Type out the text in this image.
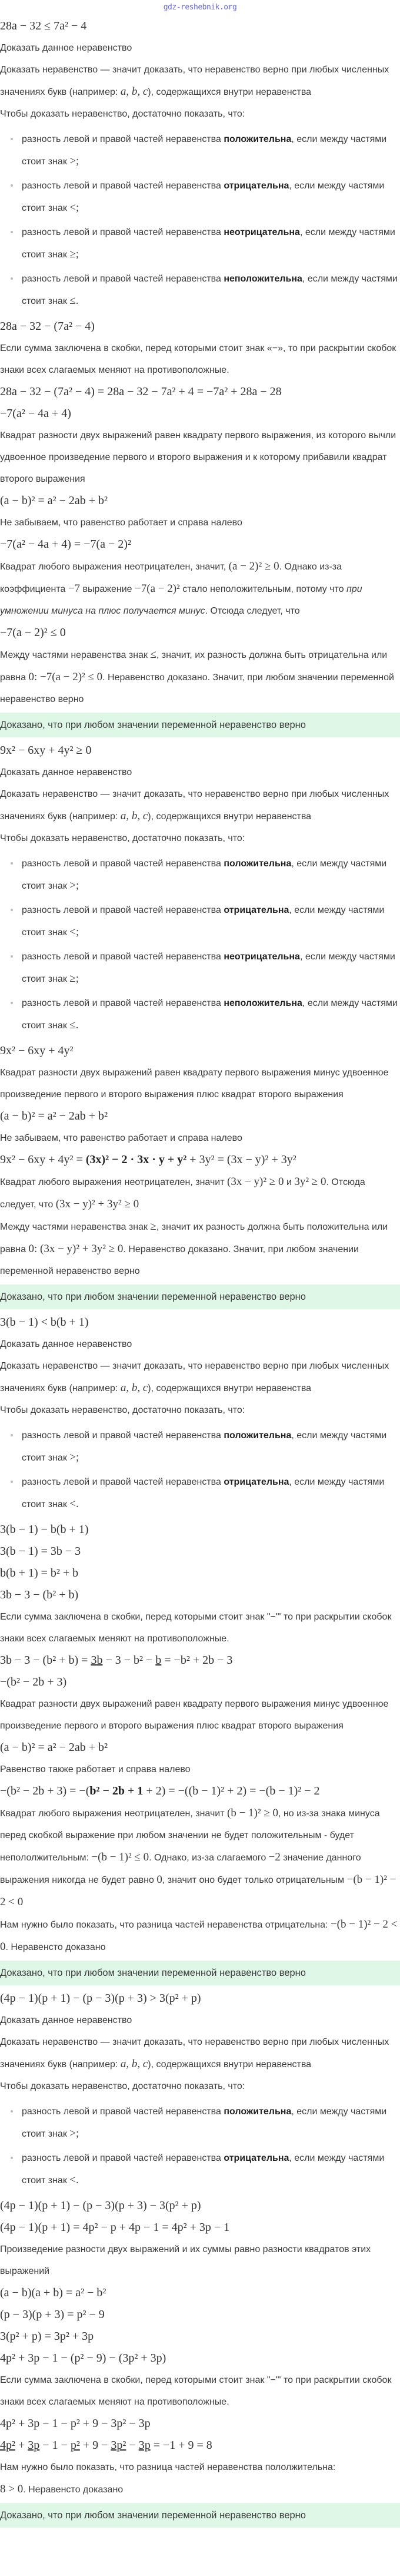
gdz-reshebnik.org
28a − 32 ≤ 7a² − 4

Доказать данное неравенство

Доказать неравенство — значит доказать, что неравенство верно при любых численных значениях букв (например: a, b, c), содержащихся внутри неравенства

Чтобы доказать неравенство, достаточно показать, что:

разность левой и правой частей неравенства положительна, если между частями стоит знак >;
разность левой и правой частей неравенства отрицательна, если между частями стоит знак <;
разность левой и правой частей неравенства неотрицательна, если между частями стоит знак ≥;
разность левой и правой частей неравенства неположительна, если между частями стоит знак ≤.
28a − 32 − (7a² − 4)

Если сумма заключена в скобки, перед которыми стоит знак «−», то при раскрытии скобок знаки всех слагаемых меняют на противоположные.

28a − 32 − (7a² − 4) = 28a − 32 − 7a² + 4 = −7a² + 28a − 28
−7(a² − 4a + 4)

Квадрат разности двух выражений равен квадрату первого выражения, из которого вычли удвоенное произведение первого и второго выражения и к которому прибавили квадрат второго выражения

(a − b)² = a² − 2ab + b²

Не забываем, что равенство работает и справа налево

−7(a² − 4a + 4) = −7(a − 2)²

Квадрат любого выражения неотрицателен, значит, (a − 2)² ≥ 0. Однако из-за коэффициента −7 выражение −7(a − 2)² стало неположительным, потому что при умножении минуса на плюс получается минус. Отсюда следует, что

−7(a − 2)² ≤ 0

Между частями неравенства знак ≤, значит, их разность должна быть отрицательна или равна 0: −7(a − 2)² ≤ 0. Неравенство доказано. Значит, при любом значении переменной неравенство верно

Доказано, что при любом значении переменной неравенство верно
9x² − 6xy + 4y² ≥ 0

Доказать данное неравенство

Доказать неравенство — значит доказать, что неравенство верно при любых численных значениях букв (например: a, b, c), содержащихся внутри неравенства

Чтобы доказать неравенство, достаточно показать, что:

разность левой и правой частей неравенства положительна, если между частями стоит знак >;
разность левой и правой частей неравенства отрицательна, если между частями стоит знак <;
разность левой и правой частей неравенства неотрицательна, если между частями стоит знак ≥;
разность левой и правой частей неравенства неположительна, если между частями стоит знак ≤.
9x² − 6xy + 4y²

Квадрат разности двух выражений равен квадрату первого выражения минус удвоенное произведение первого и второго выражения плюс квадрат второго выражения

(a − b)² = a² − 2ab + b²

Не забываем, что равенство работает и справа налево

9x² − 6xy + 4y² = (3x)² − 2 · 3x · y + y² + 3y² = (3x − y)² + 3y²

Квадрат любого выражения неотрицателен, значит (3x − y)² ≥ 0 и 3y² ≥ 0. Отсюда следует, что (3x − y)² + 3y² ≥ 0

Между частями неравенства знак ≥, значит их разность должна быть положительна или равна 0: (3x − y)² + 3y² ≥ 0. Неравенство доказано. Значит, при любом значении переменной неравенство верно

Доказано, что при любом значении переменной неравенство верно
3(b − 1) < b(b + 1)

Доказать данное неравенство

Доказать неравенство — значит доказать, что неравенство верно при любых численных значениях букв (например: a, b, c), содержащихся внутри неравенства

Чтобы доказать неравенство, достаточно показать, что:

разность левой и правой частей неравенства положительна, если между частями стоит знак >;
разность левой и правой частей неравенства отрицательна, если между частями стоит знак <.
3(b − 1) − b(b + 1)
3(b − 1) = 3b − 3
b(b + 1) = b² + b
3b − 3 − (b² + b)

Если сумма заключена в скобки, перед которыми стоит знак "−"' то при раскрытии скобок знаки всех слагаемых меняют на противоположные.

3b − 3 − (b² + b) = 3b − 3 − b² − b = −b² + 2b − 3
−(b² − 2b + 3)

Квадрат разности двух выражений равен квадрату первого выражения минус удвоенное произведение первого и второго выражения плюс квадрат второго выражения

(a − b)² = a² − 2ab + b²

Равенство также работает и справа налево

−(b² − 2b + 3) = −(b² − 2b + 1 + 2) = −((b − 1)² + 2) = −(b − 1)² − 2

Квадрат любого выражения неотрицателен, значит (b − 1)² ≥ 0, но из-за знака минуса перед скобкой выражение при любом значении не будет положительным - будет непололжительным: −(b − 1)² ≤ 0. Однако, из-за слагаемого −2 значение данного выражения никогда не будет равно 0, значит оно будет только отрицательным −(b − 1)² − 2 < 0

Нам нужно было показать, что разница частей неравенства отрицательна: −(b − 1)² − 2 < 0. Неравенсто доказано

Доказано, что при любом значении переменной неравенство верно
(4p − 1)(p + 1) − (p − 3)(p + 3) > 3(p² + p)

Доказать данное неравенство

Доказать неравенство — значит доказать, что неравенство верно при любых численных значениях букв (например: a, b, c), содержащихся внутри неравенства

Чтобы доказать неравенство, достаточно показать, что:

разность левой и правой частей неравенства положительна, если между частями стоит знак >;
разность левой и правой частей неравенства отрицательна, если между частями стоит знак <.
(4p − 1)(p + 1) − (p − 3)(p + 3) − 3(p² + p)
(4p − 1)(p + 1) = 4p² − p + 4p − 1 = 4p² + 3p − 1

Произведение разности двух выражений и их суммы равно разности квадратов этих выражений

(a − b)(a + b) = a² − b²
(p − 3)(p + 3) = p² − 9
3(p² + p) = 3p² + 3p
4p² + 3p − 1 − (p² − 9) − (3p² + 3p)

Если сумма заключена в скобки, перед которыми стоит знак "−"' то при раскрытии скобок знаки всех слагаемых меняют на противоположные.

4p² + 3p − 1 − p² + 9 − 3p² − 3p
4p² + 3p − 1 − p² + 9 − 3p² − 3p = −1 + 9 = 8

Нам нужно было показать, что разница частей неравенства пололжительна:

8 > 0. Неравенсто доказано

Доказано, что при любом значении переменной неравенство верно
